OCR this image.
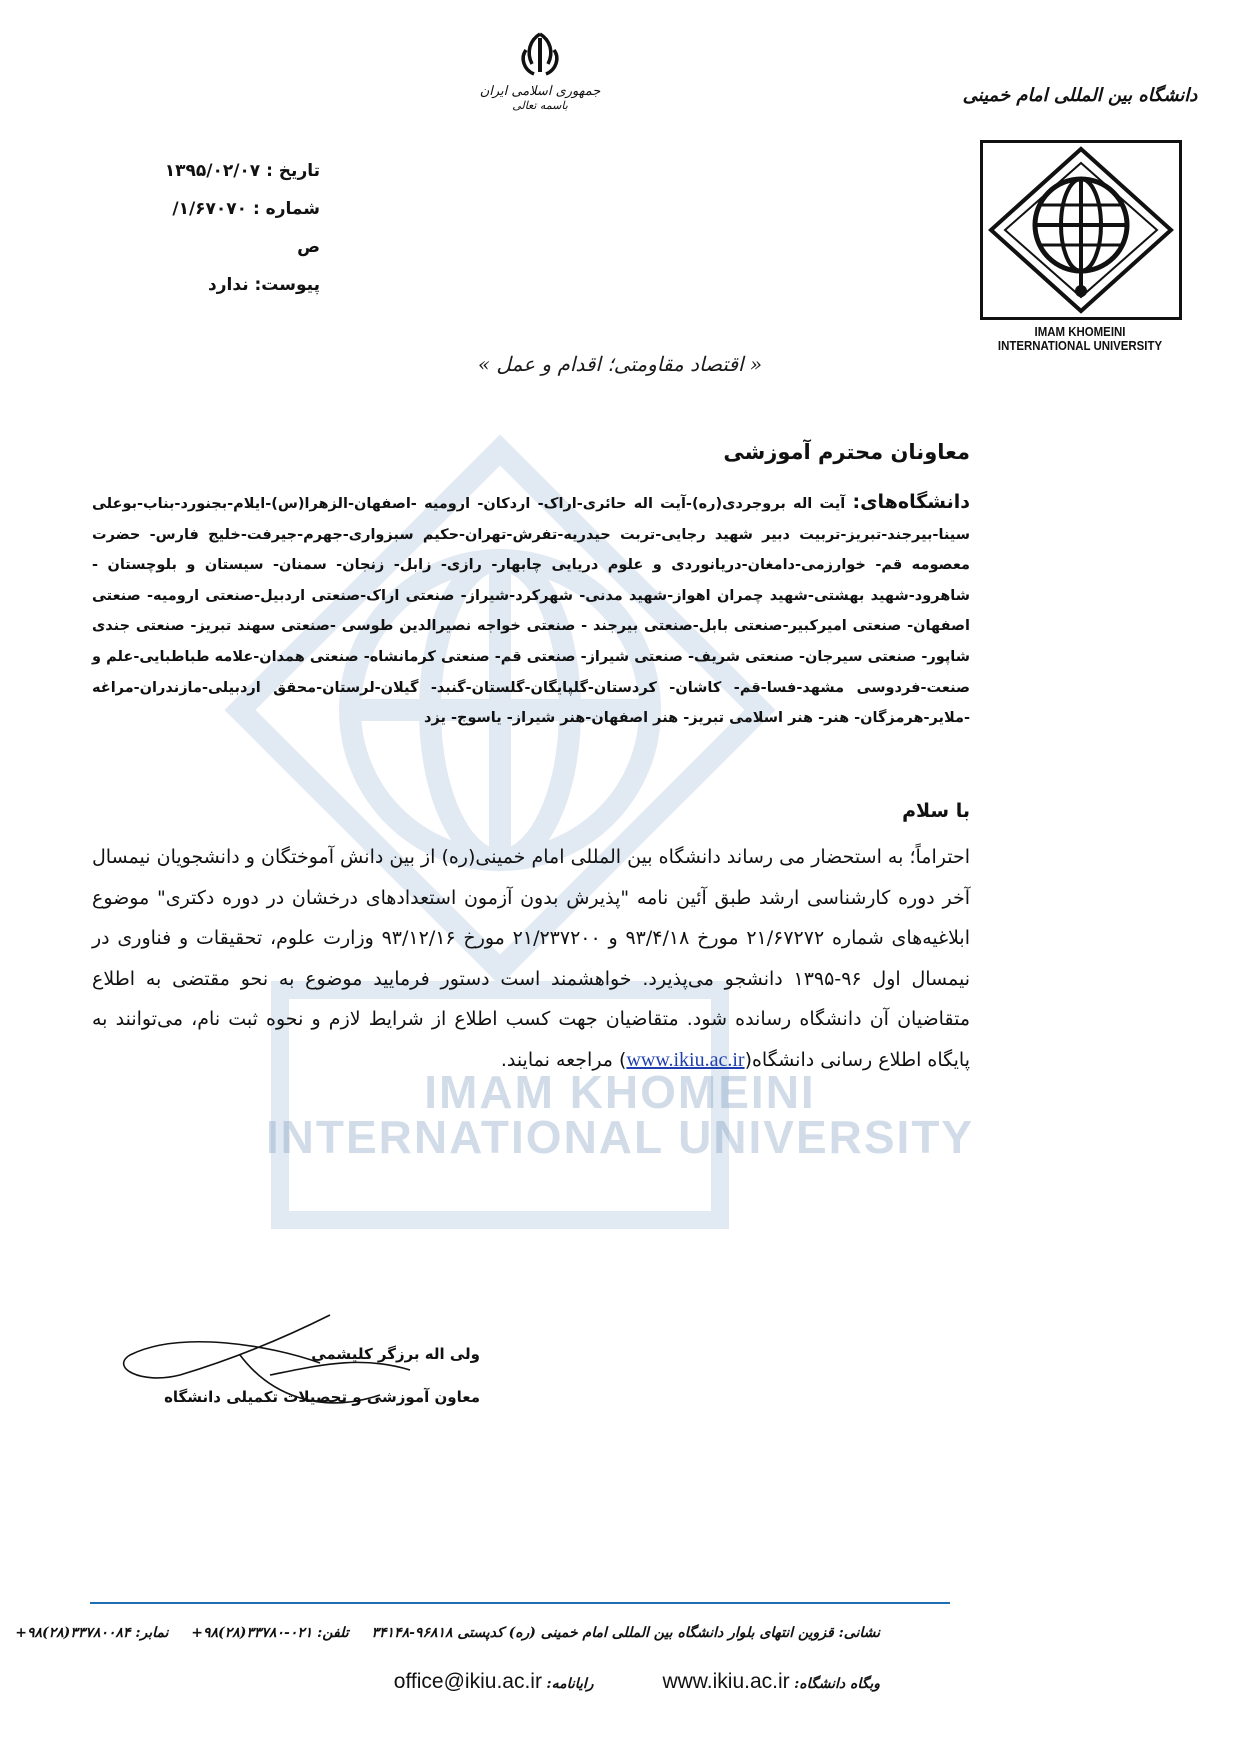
IMAM KHOMEINI
INTERNATIONAL UNIVERSITY
جمهوری اسلامی ایران
باسمه تعالی
تاریخ : ۱۳۹۵/۰۲/۰۷
شماره : ۱/۶۷۰۷۰/ص
پیوست: ندارد
دانشگاه بین المللی امام خمینی
IMAM KHOMEINI
INTERNATIONAL UNIVERSITY
« اقتصاد مقاومتی؛ اقدام و عمل »
معاونان محترم آموزشی
دانشگاه‌های: آیت اله بروجردی(ره)-آیت اله حائری-اراک- اردکان- ارومیه -اصفهان-الزهرا(س)-ایلام-بجنورد-بناب-بوعلی سینا-بیرجند-تبریز-تربیت دبیر شهید رجایی-تربت حیدریه-تفرش-تهران-حکیم سبزواری-جهرم-جیرفت-خلیج فارس- حضرت معصومه قم- خوارزمی-دامغان-دریانوردی و علوم دریایی چابهار- رازی- زابل- زنجان- سمنان- سیستان و بلوچستان - شاهرود-شهید بهشتی-شهید چمران اهواز-شهید مدنی- شهرکرد-شیراز- صنعتی اراک-صنعتی اردبیل-صنعتی ارومیه- صنعتی اصفهان- صنعتی امیرکبیر-صنعتی بابل-صنعتی بیرجند - صنعتی خواجه نصیرالدین طوسی -صنعتی سهند تبریز- صنعتی جندی شاپور- صنعتی سیرجان- صنعتی شریف- صنعتی شیراز- صنعتی قم- صنعتی کرمانشاه- صنعتی همدان-علامه طباطبایی-علم و صنعت-فردوسی مشهد-فسا-قم- کاشان- کردستان-گلپایگان-گلستان-گنبد- گیلان-لرستان-محقق اردبیلی-مازندران-مراغه -ملایر-هرمزگان- هنر- هنر اسلامی تبریز- هنر اصفهان-هنر شیراز- یاسوج- یزد
با سلام

احتراماً؛ به استحضار می رساند دانشگاه بین المللی امام خمینی(ره) از بین دانش آموختگان و دانشجویان نیمسال آخر دوره کارشناسی ارشد طبق آئین نامه "پذیرش بدون آزمون استعدادهای درخشان در دوره دکتری" موضوع ابلاغیه‌های شماره ۲۱/۶۷۲۷۲ مورخ ۹۳/۴/۱۸ و ۲۱/۲۳۷۲۰۰ مورخ ۹۳/۱۲/۱۶ وزارت علوم، تحقیقات و فناوری در نیمسال اول ۹۶-۱۳۹۵ دانشجو می‌پذیرد. خواهشمند است دستور فرمایید موضوع به نحو مقتضی به اطلاع متقاضیان آن دانشگاه رسانده شود. متقاضیان جهت کسب اطلاع از شرایط لازم و نحوه ثبت نام، می‌توانند به پایگاه اطلاع رسانی دانشگاه(www.ikiu.ac.ir) مراجعه نمایند.

ولی اله برزگر کلیشمی
معاون آموزشی و تحصیلات تکمیلی دانشگاه
نشانی: قزوین انتهای بلوار دانشگاه بین المللی امام خمینی (ره) کدپستی ۹۶۸۱۸-۳۴۱۴۸ تلفن: ۰۲۱-۳۳۷۸۰(۲۸)۹۸+ نمابر: ۳۳۷۸۰۰۸۴(۲۸)۹۸+
وبگاه دانشگاه: www.ikiu.ac.ir  رایانامه: office@ikiu.ac.ir
